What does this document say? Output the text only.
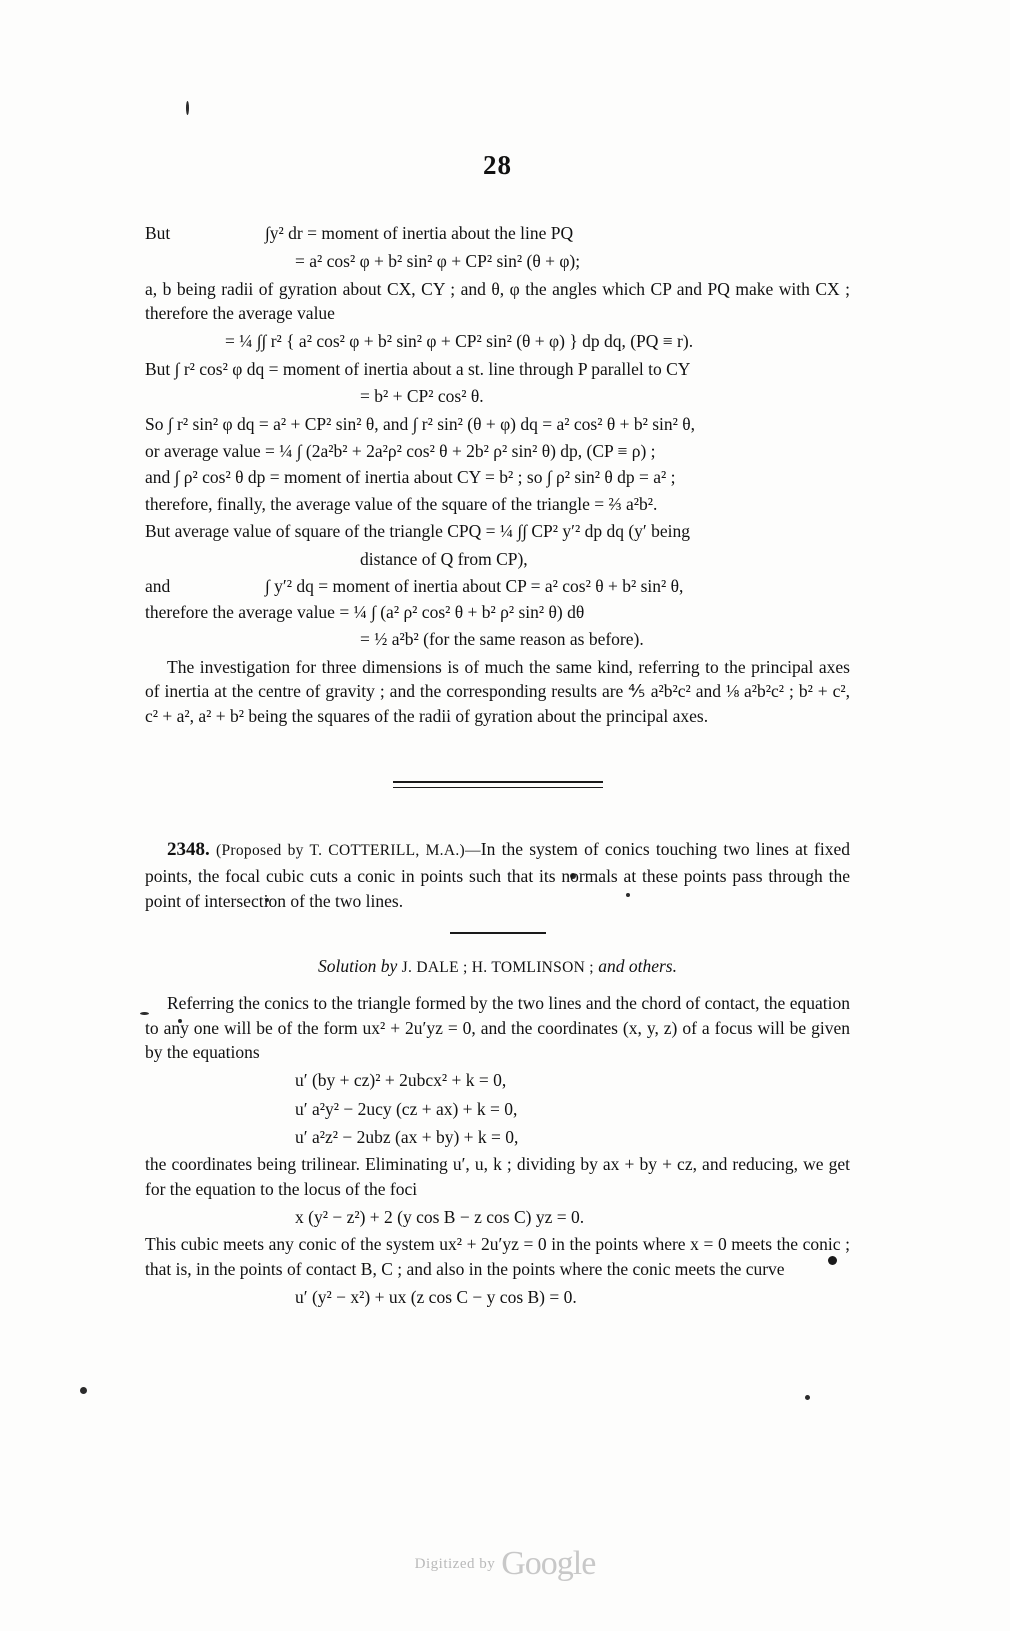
28
But	∫y² dr = moment of inertia about the line PQ
= a² cos² φ + b² sin² φ + CP² sin² (θ + φ);
a, b being radii of gyration about CX, CY ; and θ, φ the angles which CP and PQ make with CX ; therefore the average value
= ¼ ∫∫ r² { a² cos² φ + b² sin² φ + CP² sin² (θ + φ) } dp dq, (PQ ≡ r).
But ∫ r² cos² φ dq = moment of inertia about a st. line through P parallel to CY
= b² + CP² cos² θ.
So ∫ r² sin² φ dq = a² + CP² sin² θ, and ∫ r² sin² (θ + φ) dq = a² cos² θ + b² sin² θ,
or average value = ¼ ∫ (2a²b² + 2a²ρ² cos² θ + 2b² ρ² sin² θ) dp, (CP ≡ ρ) ;
and ∫ ρ² cos² θ dp = moment of inertia about CY = b² ; so ∫ ρ² sin² θ dp = a² ;
therefore, finally, the average value of the square of the triangle = ⅔ a²b².
But average value of square of the triangle CPQ = ¼ ∫∫ CP² y′² dp dq (y′ being
distance of Q from CP),
and	∫ y′² dq = moment of inertia about CP = a² cos² θ + b² sin² θ,
therefore the average value = ¼ ∫ (a² ρ² cos² θ + b² ρ² sin² θ) dθ
= ½ a²b² (for the same reason as before).
The investigation for three dimensions is of much the same kind, referring to the principal axes of inertia at the centre of gravity ; and the corresponding results are ⅘ a²b²c² and ⅛ a²b²c² ; b² + c², c² + a², a² + b² being the squares of the radii of gyration about the principal axes.
2348. (Proposed by T. COTTERILL, M.A.)—In the system of conics touching two lines at fixed points, the focal cubic cuts a conic in points such that its normals at these points pass through the point of intersection of the two lines.
Solution by J. DALE ; H. TOMLINSON ; and others.
Referring the conics to the triangle formed by the two lines and the chord of contact, the equation to any one will be of the form ux² + 2u′yz = 0, and the coordinates (x, y, z) of a focus will be given by the equations
u′ (by + cz)² + 2ubcx² + k = 0,
u′ a²y² − 2ucy (cz + ax) + k = 0,
u′ a²z² − 2ubz (ax + by) + k = 0,
the coordinates being trilinear. Eliminating u′, u, k ; dividing by ax + by + cz, and reducing, we get for the equation to the locus of the foci
x (y² − z²) + 2 (y cos B − z cos C) yz = 0.
This cubic meets any conic of the system ux² + 2u′yz = 0 in the points where x = 0 meets the conic ; that is, in the points of contact B, C ; and also in the points where the conic meets the curve
u′ (y² − x²) + ux (z cos C − y cos B) = 0.
Digitized by Google
